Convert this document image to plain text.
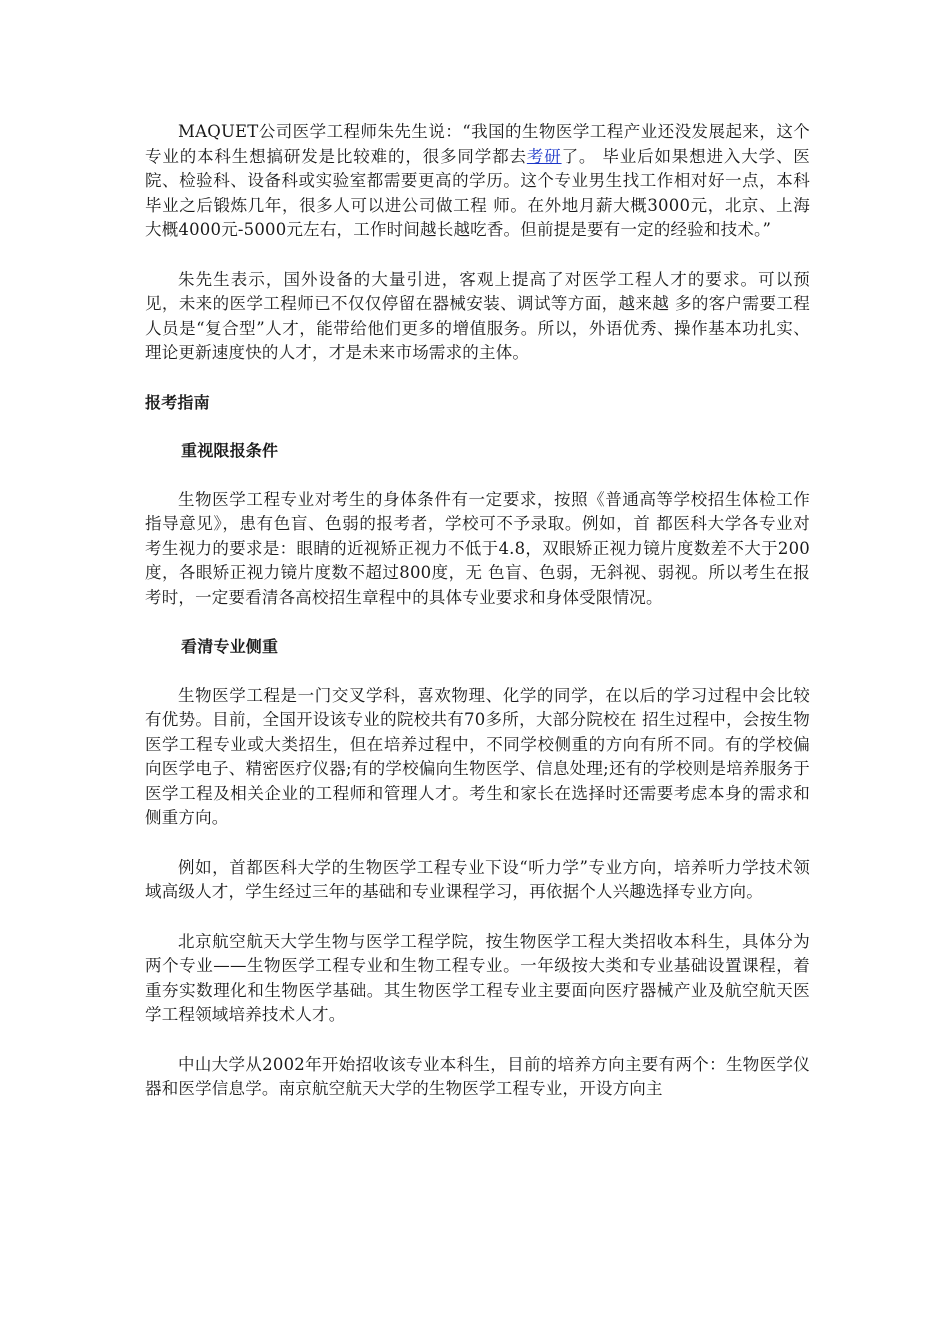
MAQUET公司医学工程师朱先生说：“我国的生物医学工程产业还没发展起来，这个专业的本科生想搞研发是比较难的，很多同学都去考研了。 毕业后如果想进入大学、医院、检验科、设备科或实验室都需要更高的学历。这个专业男生找工作相对好一点，本科毕业之后锻炼几年，很多人可以进公司做工程 师。在外地月薪大概3000元，北京、上海大概4000元-5000元左右，工作时间越长越吃香。但前提是要有一定的经验和技术。”

朱先生表示，国外设备的大量引进，客观上提高了对医学工程人才的要求。可以预见，未来的医学工程师已不仅仅停留在器械安装、调试等方面，越来越 多的客户需要工程人员是“复合型”人才，能带给他们更多的增值服务。所以，外语优秀、操作基本功扎实、理论更新速度快的人才，才是未来市场需求的主体。

报考指南
重视限报条件

生物医学工程专业对考生的身体条件有一定要求，按照《普通高等学校招生体检工作指导意见》，患有色盲、色弱的报考者，学校可不予录取。例如，首 都医科大学各专业对考生视力的要求是：眼睛的近视矫正视力不低于4.8，双眼矫正视力镜片度数差不大于200度，各眼矫正视力镜片度数不超过800度，无 色盲、色弱，无斜视、弱视。所以考生在报考时，一定要看清各高校招生章程中的具体专业要求和身体受限情况。

看清专业侧重

生物医学工程是一门交叉学科，喜欢物理、化学的同学，在以后的学习过程中会比较有优势。目前，全国开设该专业的院校共有70多所，大部分院校在 招生过程中，会按生物医学工程专业或大类招生，但在培养过程中，不同学校侧重的方向有所不同。有的学校偏向医学电子、精密医疗仪器;有的学校偏向生物医学、信息处理;还有的学校则是培养服务于医学工程及相关企业的工程师和管理人才。考生和家长在选择时还需要考虑本身的需求和侧重方向。

例如，首都医科大学的生物医学工程专业下设“听力学”专业方向，培养听力学技术领域高级人才，学生经过三年的基础和专业课程学习，再依据个人兴趣选择专业方向。

北京航空航天大学生物与医学工程学院，按生物医学工程大类招收本科生，具体分为两个专业——生物医学工程专业和生物工程专业。一年级按大类和专业基础设置课程，着重夯实数理化和生物医学基础。其生物医学工程专业主要面向医疗器械产业及航空航天医学工程领域培养技术人才。

中山大学从2002年开始招收该专业本科生，目前的培养方向主要有两个：生物医学仪器和医学信息学。南京航空航天大学的生物医学工程专业，开设方向主
